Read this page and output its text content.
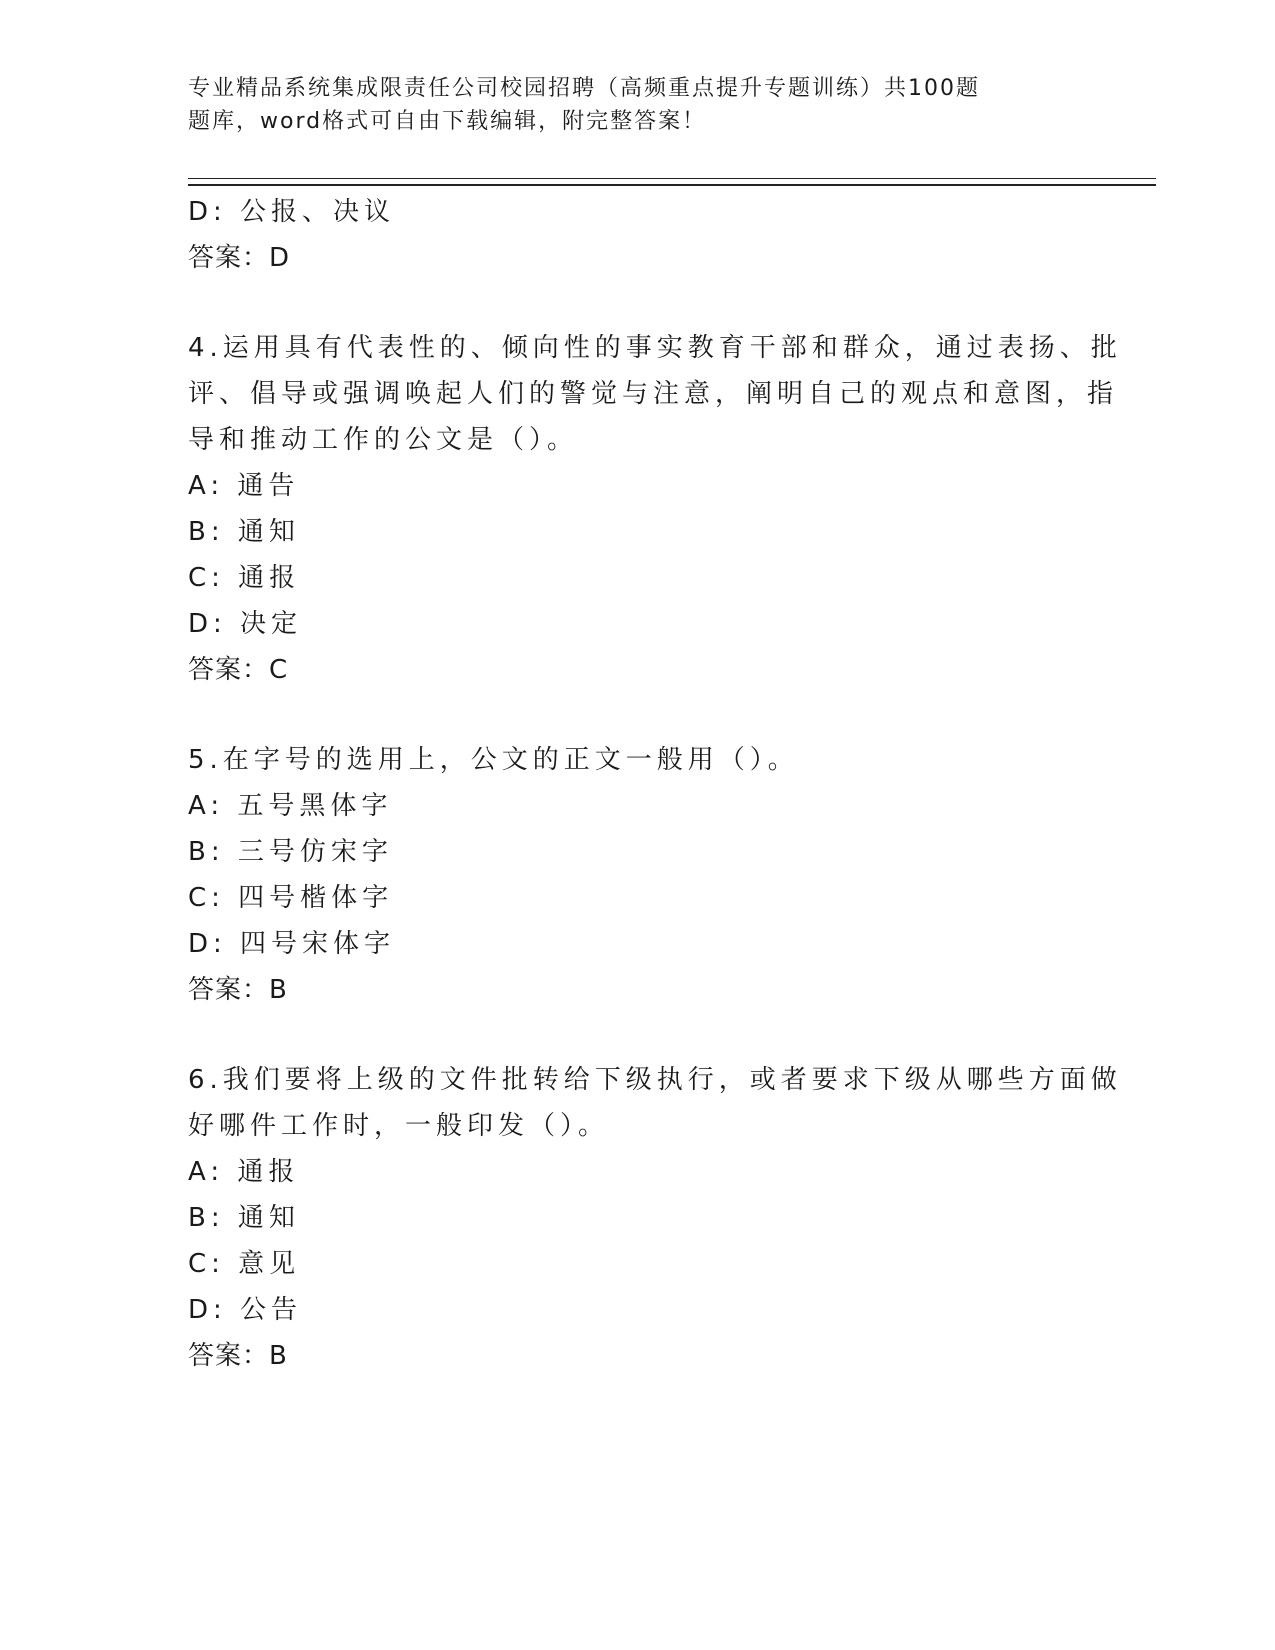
专业精品系统集成限责任公司校园招聘（高频重点提升专题训练）共100题
题库，word格式可自由下载编辑，附完整答案！
D: 公报、决议
答案：D
4.运用具有代表性的、倾向性的事实教育干部和群众，通过表扬、批
评、倡导或强调唤起人们的警觉与注意，阐明自己的观点和意图，指
导和推动工作的公文是（）。
A: 通告
B: 通知
C: 通报
D: 决定
答案：C
5.在字号的选用上，公文的正文一般用（）。
A: 五号黑体字
B: 三号仿宋字
C: 四号楷体字
D: 四号宋体字
答案：B
6.我们要将上级的文件批转给下级执行，或者要求下级从哪些方面做
好哪件工作时，一般印发（）。
A: 通报
B: 通知
C: 意见
D: 公告
答案：B
